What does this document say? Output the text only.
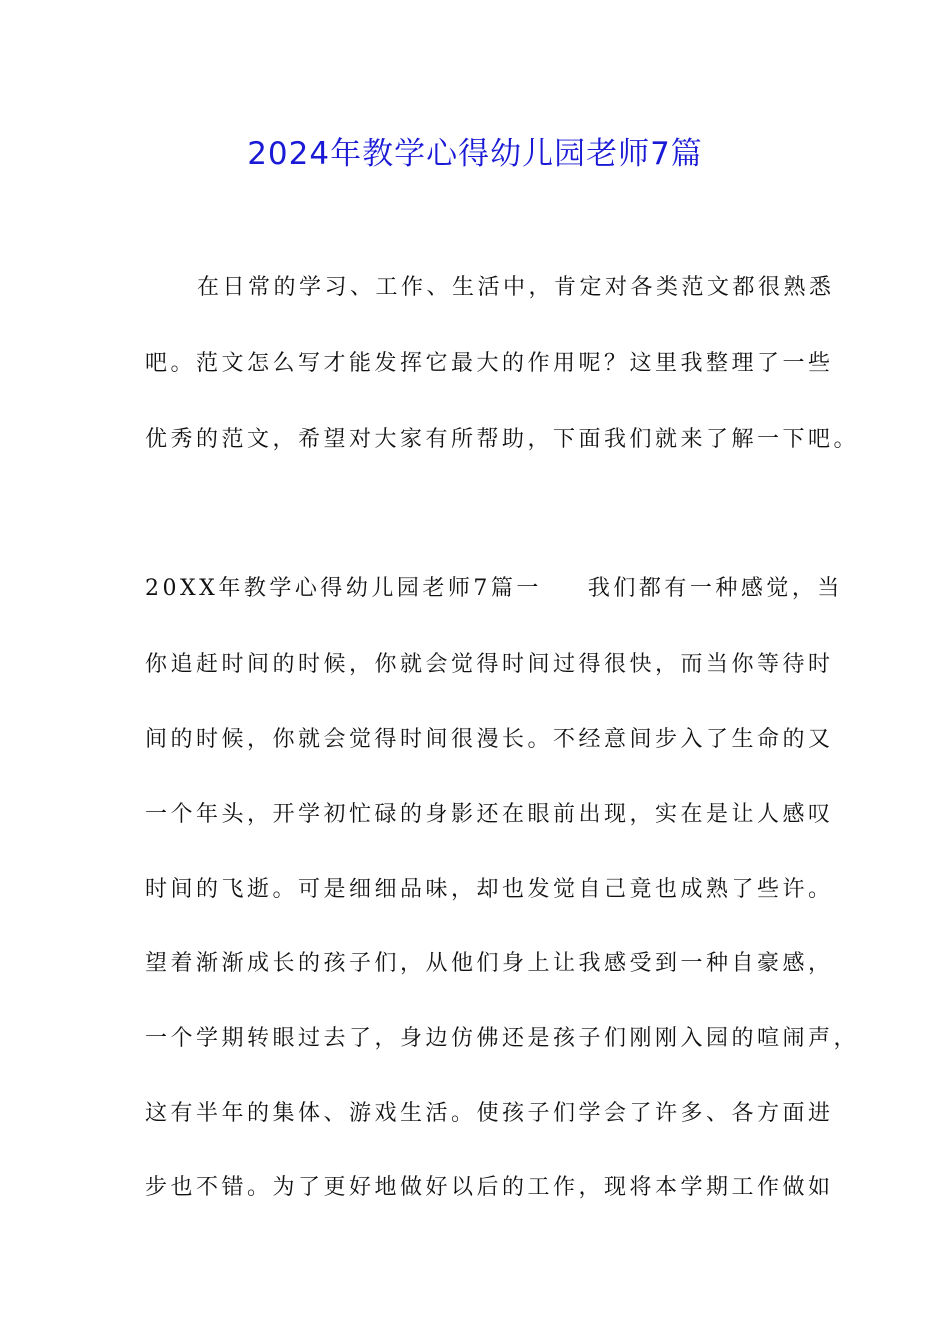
2024年教学心得幼儿园老师7篇
在日常的学习、工作、生活中，肯定对各类范文都很熟悉
吧。范文怎么写才能发挥它最大的作用呢？这里我整理了一些
优秀的范文，希望对大家有所帮助，下面我们就来了解一下吧。
20XX年教学心得幼儿园老师7篇一 我们都有一种感觉，当
你追赶时间的时候，你就会觉得时间过得很快，而当你等待时
间的时候，你就会觉得时间很漫长。不经意间步入了生命的又
一个年头，开学初忙碌的身影还在眼前出现，实在是让人感叹
时间的飞逝。可是细细品味，却也发觉自己竟也成熟了些许。
望着渐渐成长的孩子们，从他们身上让我感受到一种自豪感，
一个学期转眼过去了，身边仿佛还是孩子们刚刚入园的喧闹声，
这有半年的集体、游戏生活。使孩子们学会了许多、各方面进
步也不错。为了更好地做好以后的工作，现将本学期工作做如
